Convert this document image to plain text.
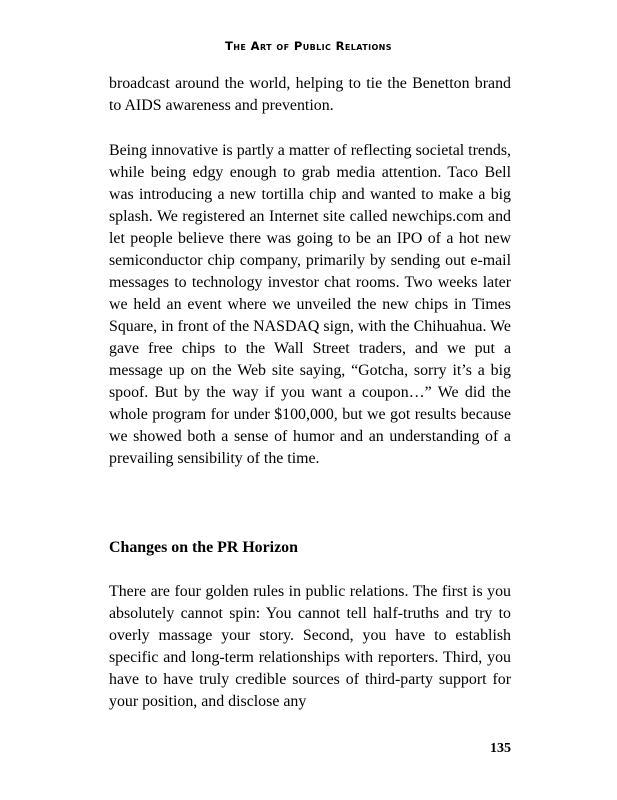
The Art of Public Relations

broadcast around the world, helping to tie the Benetton brand to AIDS awareness and prevention.

Being innovative is partly a matter of reflecting societal trends, while being edgy enough to grab media attention. Taco Bell was introducing a new tortilla chip and wanted to make a big splash. We registered an Internet site called newchips.com and let people believe there was going to be an IPO of a hot new semiconductor chip company, primarily by sending out e-mail messages to technology investor chat rooms. Two weeks later we held an event where we unveiled the new chips in Times Square, in front of the NASDAQ sign, with the Chihuahua. We gave free chips to the Wall Street traders, and we put a message up on the Web site saying, “Gotcha, sorry it’s a big spoof. But by the way if you want a coupon…” We did the whole program for under $100,000, but we got results because we showed both a sense of humor and an understanding of a prevailing sensibility of the time.

Changes on the PR Horizon

There are four golden rules in public relations. The first is you absolutely cannot spin: You cannot tell half-truths and try to overly massage your story. Second, you have to establish specific and long-term relationships with reporters. Third, you have to have truly credible sources of third-party support for your position, and disclose any

135
